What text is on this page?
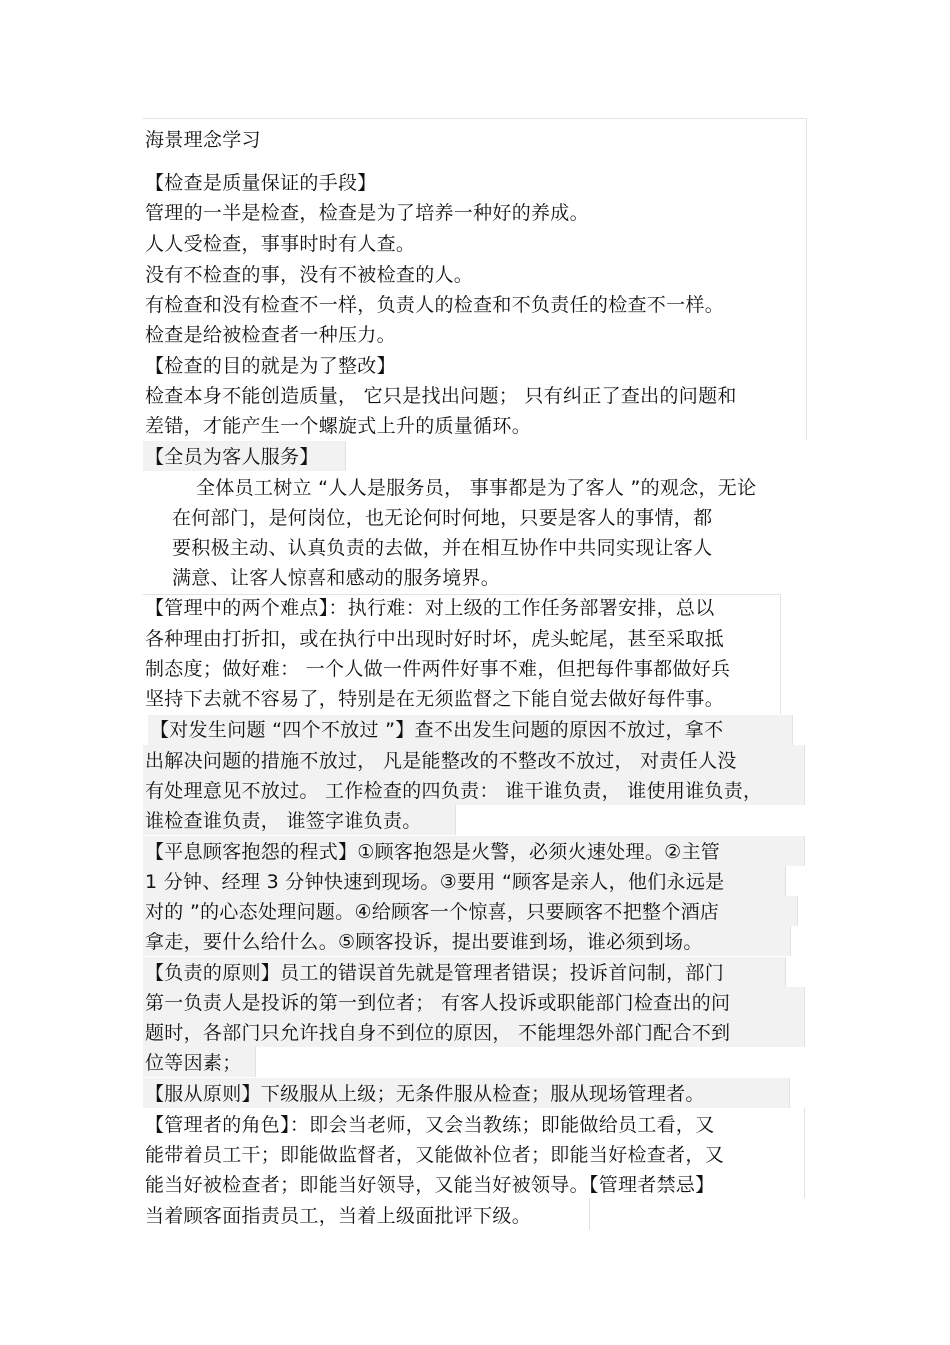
海景理念学习
【检查是质量保证的手段】
管理的一半是检查，检查是为了培养一种好的养成。
人人受检查，事事时时有人查。
没有不检查的事，没有不被检查的人。
有检查和没有检查不一样，负责人的检查和不负责任的检查不一样。
检查是给被检查者一种压力。
【检查的目的就是为了整改】
检查本身不能创造质量， 它只是找出问题； 只有纠正了查出的问题和
差错，才能产生一个螺旋式上升的质量循环。
【全员为客人服务】
全体员工树立 “人人是服务员， 事事都是为了客人 ”的观念，无论
在何部门，是何岗位，也无论何时何地，只要是客人的事情，都
要积极主动、认真负责的去做，并在相互协作中共同实现让客人
满意、让客人惊喜和感动的服务境界。
【管理中的两个难点】：执行难：对上级的工作任务部署安排，总以
各种理由打折扣，或在执行中出现时好时坏，虎头蛇尾，甚至采取抵
制态度；做好难： 一个人做一件两件好事不难，但把每件事都做好兵
坚持下去就不容易了，特别是在无须监督之下能自觉去做好每件事。
【对发生问题 “四个不放过 ”】查不出发生问题的原因不放过，拿不
出解决问题的措施不放过， 凡是能整改的不整改不放过， 对责任人没
有处理意见不放过。 工作检查的四负责： 谁干谁负责， 谁使用谁负责，
谁检查谁负责， 谁签字谁负责。
【平息顾客抱怨的程式】①顾客抱怨是火警，必须火速处理。②主管
1 分钟、经理 3 分钟快速到现场。③要用 “顾客是亲人，他们永远是
对的 ”的心态处理问题。④给顾客一个惊喜，只要顾客不把整个酒店
拿走，要什么给什么。⑤顾客投诉，提出要谁到场，谁必须到场。
【负责的原则】员工的错误首先就是管理者错误；投诉首问制，部门
第一负责人是投诉的第一到位者； 有客人投诉或职能部门检查出的问
题时，各部门只允许找自身不到位的原因， 不能埋怨外部门配合不到
位等因素；
【服从原则】下级服从上级；无条件服从检查；服从现场管理者。
【管理者的角色】：即会当老师，又会当教练；即能做给员工看，又
能带着员工干；即能做监督者，又能做补位者；即能当好检查者，又
能当好被检查者；即能当好领导，又能当好被领导。【管理者禁忌】
当着顾客面指责员工，当着上级面批评下级。
